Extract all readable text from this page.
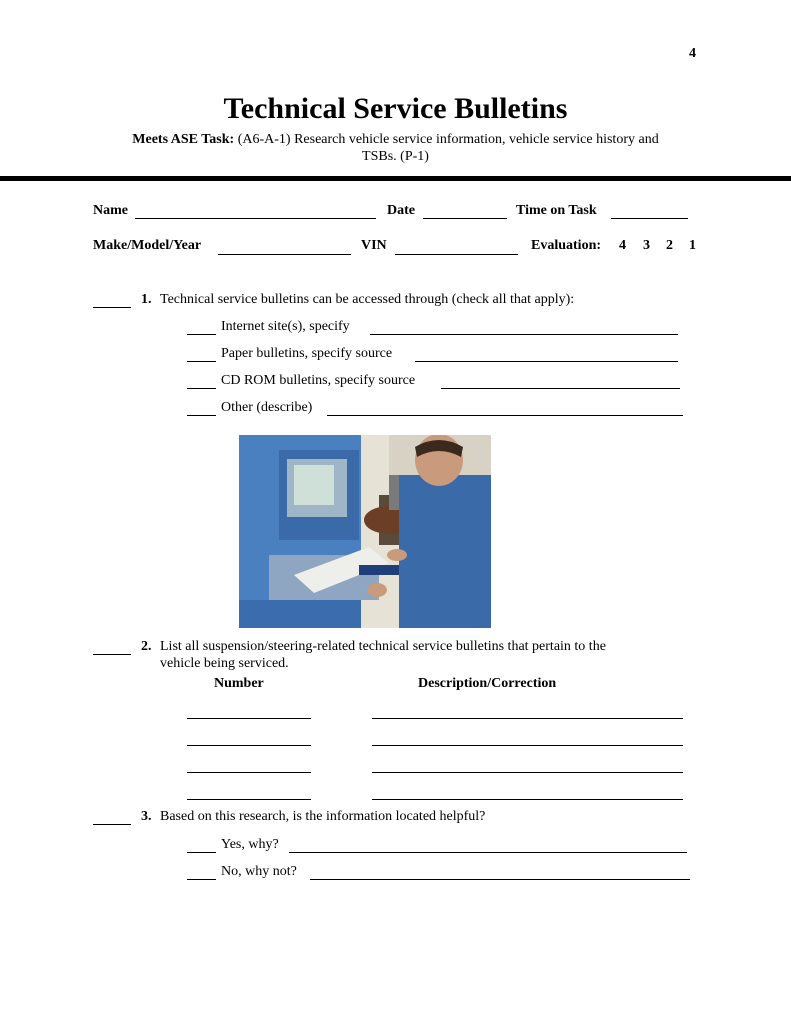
4
Technical Service Bulletins
Meets ASE Task: (A6-A-1) Research vehicle service information, vehicle service history and
TSBs. (P-1)
Name	Date	Time on Task
Make/Model/Year	VIN	Evaluation: 4 3 2 1
1. Technical service bulletins can be accessed through (check all that apply):
Internet site(s), specify
Paper bulletins, specify source
CD ROM bulletins, specify source
Other (describe)
2. List all suspension/steering-related technical service bulletins that pertain to the
vehicle being serviced.
Number	Description/Correction
3. Based on this research, is the information located helpful?
Yes, why?
No, why not?
